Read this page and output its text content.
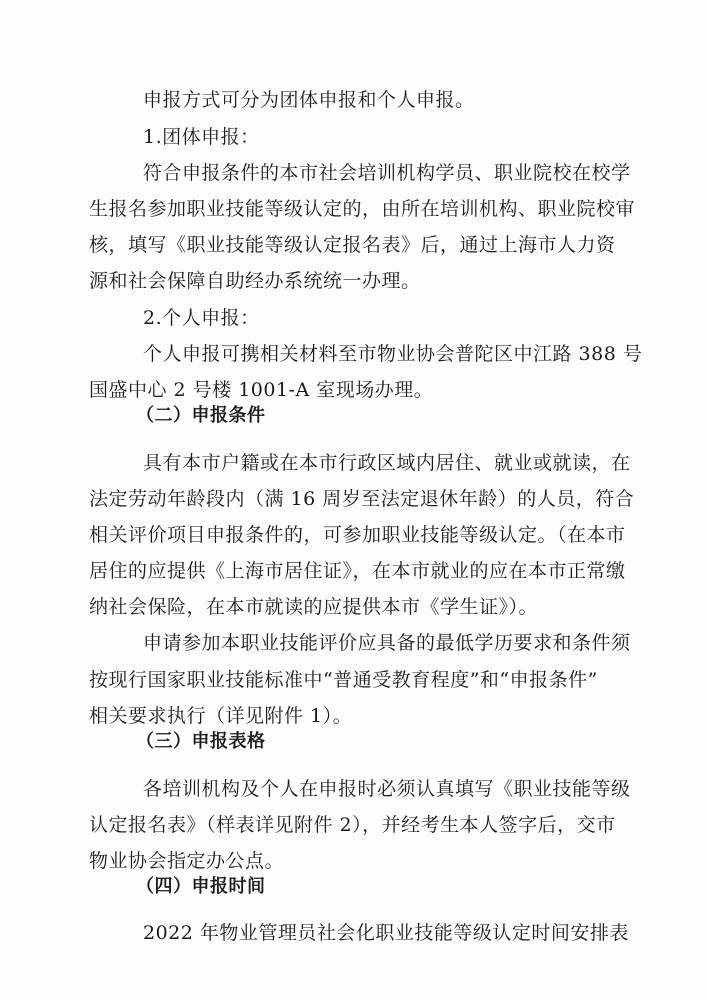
申报方式可分为团体申报和个人申报。
1.团体申报：
符合申报条件的本市社会培训机构学员、职业院校在校学
生报名参加职业技能等级认定的，由所在培训机构、职业院校审
核，填写《职业技能等级认定报名表》后，通过上海市人力资
源和社会保障自助经办系统统一办理。
2.个人申报：
个人申报可携相关材料至市物业协会普陀区中江路 388 号
国盛中心 2 号楼 1001-A 室现场办理。
（二）申报条件
具有本市户籍或在本市行政区域内居住、就业或就读，在
法定劳动年龄段内（满 16 周岁至法定退休年龄）的人员，符合
相关评价项目申报条件的，可参加职业技能等级认定。（在本市
居住的应提供《上海市居住证》，在本市就业的应在本市正常缴
纳社会保险，在本市就读的应提供本市《学生证》）。
申请参加本职业技能评价应具备的最低学历要求和条件须
按现行国家职业技能标准中“普通受教育程度”和“申报条件”
相关要求执行（详见附件 1）。
（三）申报表格
各培训机构及个人在申报时必须认真填写《职业技能等级
认定报名表》（样表详见附件 2），并经考生本人签字后，交市
物业协会指定办公点。
（四）申报时间
2022 年物业管理员社会化职业技能等级认定时间安排表
